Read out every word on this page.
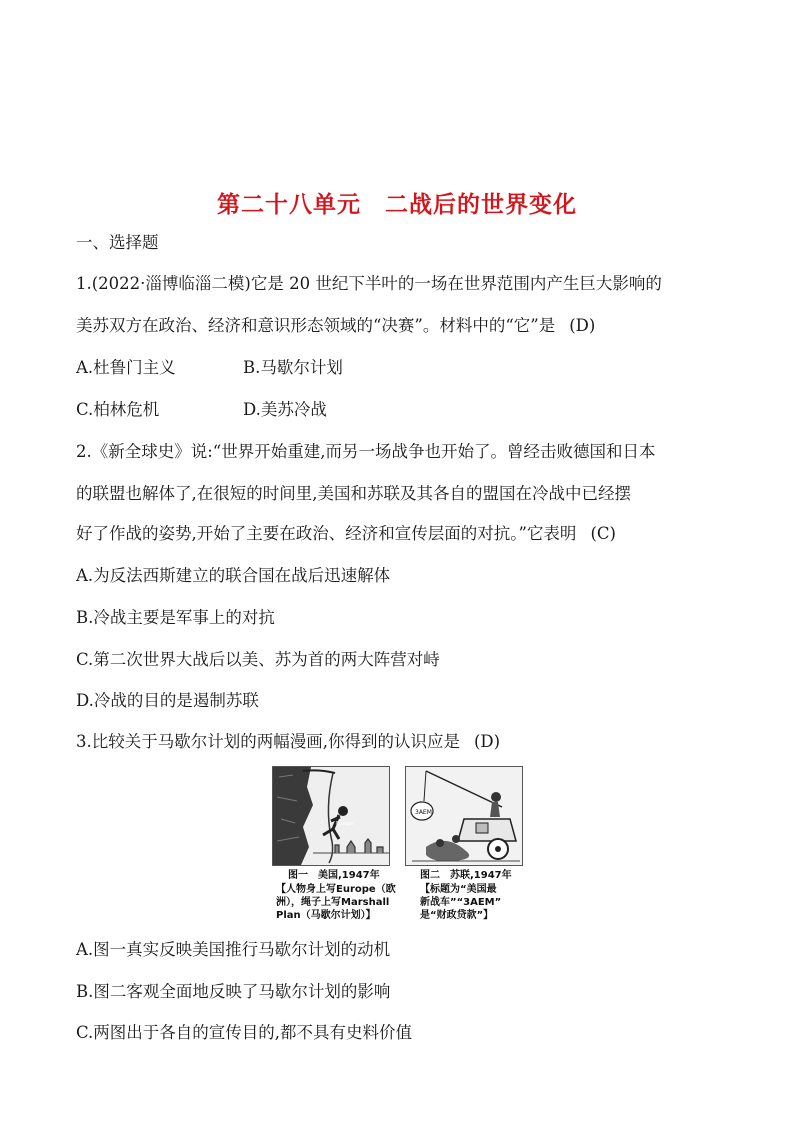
第二十八单元　二战后的世界变化
一、选择题
1.(2022·淄博临淄二模)它是 20 世纪下半叶的一场在世界范围内产生巨大影响的
美苏双方在政治、经济和意识形态领域的“决赛”。材料中的“它”是 (D)
A.杜鲁门主义	B.马歇尔计划
C.柏林危机	D.美苏冷战
2.《新全球史》说:“世界开始重建,而另一场战争也开始了。曾经击败德国和日本
的联盟也解体了,在很短的时间里,美国和苏联及其各自的盟国在冷战中已经摆
好了作战的姿势,开始了主要在政治、经济和宣传层面的对抗。”它表明 (C)
A.为反法西斯建立的联合国在战后迅速解体
B.冷战主要是军事上的对抗
C.第二次世界大战后以美、苏为首的两大阵营对峙
D.冷战的目的是遏制苏联
3.比较关于马歇尔计划的两幅漫画,你得到的认识应是 (D)
Europe
3AEM
图一　美国,1947年
【人物身上写Europe（欧
洲），绳子上写Marshall
Plan（马歇尔计划）】
图二　苏联,1947年
【标题为“美国最
新战车”“3AEM”
是“财政贷款”】
A.图一真实反映美国推行马歇尔计划的动机
B.图二客观全面地反映了马歇尔计划的影响
C.两图出于各自的宣传目的,都不具有史料价值
